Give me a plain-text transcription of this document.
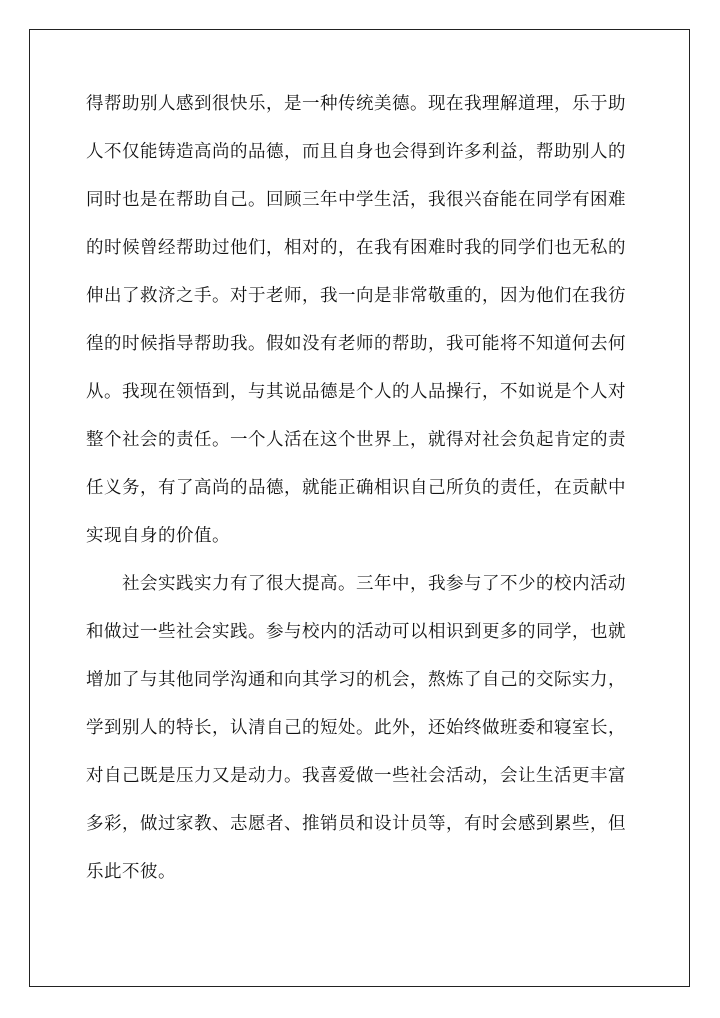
得帮助别人感到很快乐，是一种传统美德。现在我理解道理，乐于助
人不仅能铸造高尚的品德，而且自身也会得到许多利益，帮助别人的
同时也是在帮助自己。回顾三年中学生活，我很兴奋能在同学有困难
的时候曾经帮助过他们，相对的，在我有困难时我的同学们也无私的
伸出了救济之手。对于老师，我一向是非常敬重的，因为他们在我彷
徨的时候指导帮助我。假如没有老师的帮助，我可能将不知道何去何
从。我现在领悟到，与其说品德是个人的人品操行，不如说是个人对
整个社会的责任。一个人活在这个世界上，就得对社会负起肯定的责
任义务，有了高尚的品德，就能正确相识自己所负的责任，在贡献中
实现自身的价值。
社会实践实力有了很大提高。三年中，我参与了不少的校内活动
和做过一些社会实践。参与校内的活动可以相识到更多的同学，也就
增加了与其他同学沟通和向其学习的机会，熬炼了自己的交际实力，
学到别人的特长，认清自己的短处。此外，还始终做班委和寝室长，
对自己既是压力又是动力。我喜爱做一些社会活动，会让生活更丰富
多彩，做过家教、志愿者、推销员和设计员等，有时会感到累些，但
乐此不彼。
